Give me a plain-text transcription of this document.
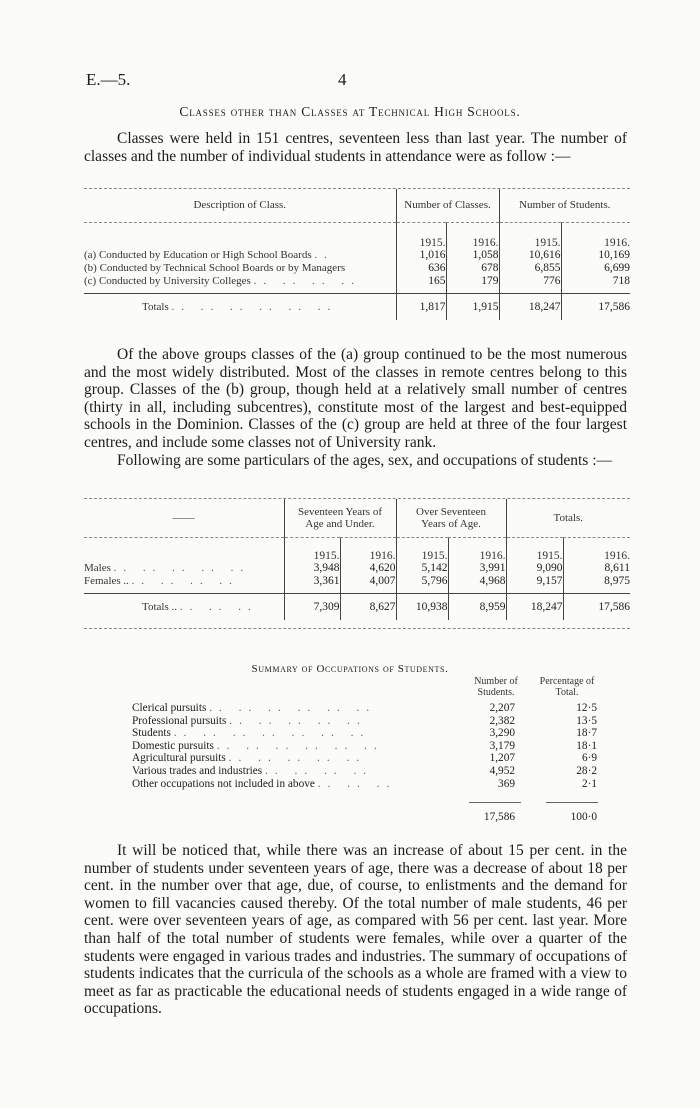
E.—5.	4
Classes other than Classes at Technical High Schools.

Classes were held in 151 centres, seventeen less than last year. The number of classes and the number of individual students in attendance were as follow :—

Description of Class.	Number of Classes.		Number of Students.	

	1915.	1916.	1915.	1916.
(a) Conducted by Education or High School Boards ..	1,016	1,058	10,616	10,169
(b) Conducted by Technical School Boards or by Managers	636	678	6,855	6,699
(c) Conducted by University Colleges .. .. .. ..	165	179	776	718

Totals .. .. .. .. .. ..	1,817	1,915	18,247	17,586

Of the above groups classes of the (a) group continued to be the most numerous and the most widely distributed. Most of the classes in remote centres belong to this group. Classes of the (b) group, though held at a relatively small number of centres (thirty in all, including subcentres), constitute most of the largest and best-equipped schools in the Dominion. Classes of the (c) group are held at three of the four largest centres, and include some classes not of University rank.

Following are some particulars of the ages, sex, and occupations of students :—

——	Seventeen Years of Age and Under.		Over Seventeen Years of Age.		Totals.	

	1915.	1916.	1915.	1916.	1915.	1916.
Males .. .. .. .. ..	3,948	4,620	5,142	3,991	9,090	8,611
Females .. .. .. .. ..	3,361	4,007	5,796	4,968	9,157	8,975

Totals .. .. .. ..	7,309	8,627	10,938	8,959	18,247	17,586
Summary of Occupations of Students.
Number of Students.
Percentage of Total.
Clerical pursuits .. .. .. .. .. ..	2,207	12·5
Professional pursuits .. .. .. .. ..	2,382	13·5
Students .. .. .. .. .. .. ..	3,290	18·7
Domestic pursuits .. .. .. .. .. ..	3,179	18·1
Agricultural pursuits .. .. .. .. ..	1,207	6·9
Various trades and industries .. .. .. ..	4,952	28·2
Other occupations not included in above .. .. ..	369	2·1
17,586	100·0

It will be noticed that, while there was an increase of about 15 per cent. in the number of students under seventeen years of age, there was a decrease of about 18 per cent. in the number over that age, due, of course, to enlistments and the demand for women to fill vacancies caused thereby. Of the total number of male students, 46 per cent. were over seventeen years of age, as compared with 56 per cent. last year. More than half of the total number of students were females, while over a quarter of the students were engaged in various trades and industries. The summary of occupations of students indicates that the curricula of the schools as a whole are framed with a view to meet as far as practicable the educational needs of students engaged in a wide range of occupations.
